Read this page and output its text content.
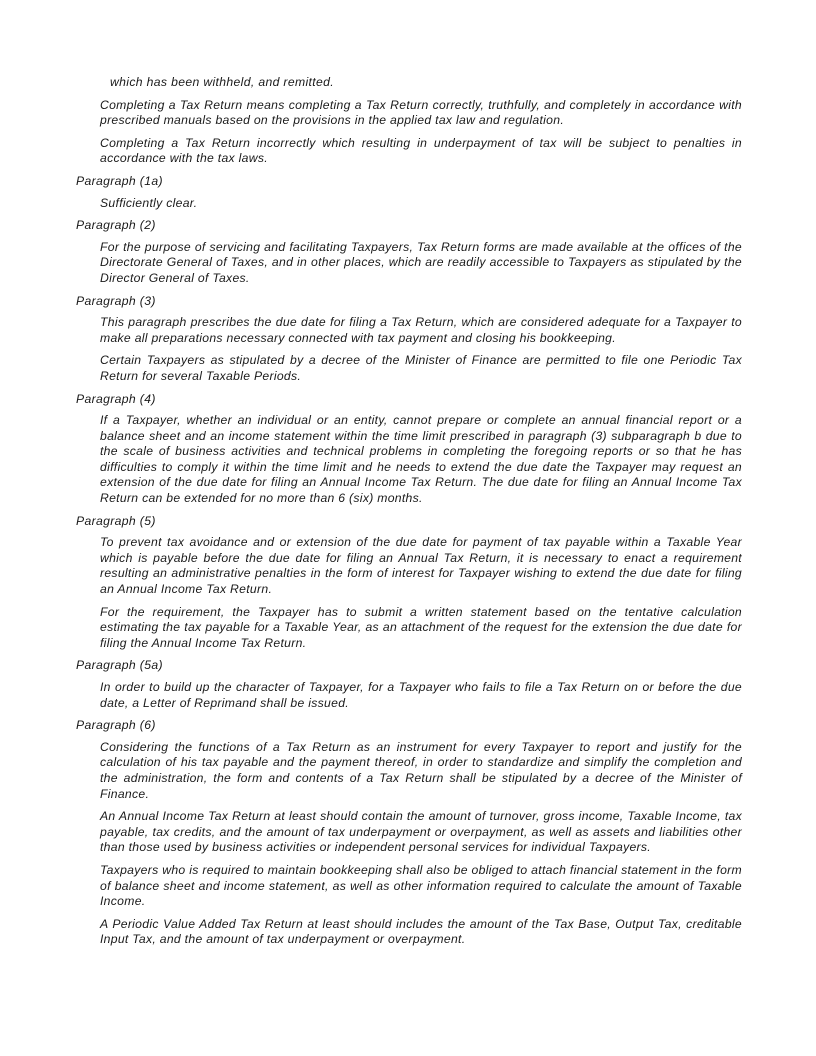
which has been withheld, and remitted.

Completing a Tax Return means completing a Tax Return correctly, truthfully, and completely in accordance with prescribed manuals based on the provisions in the applied tax law and regulation.

Completing a Tax Return incorrectly which resulting in underpayment of tax will be subject to penalties in accordance with the tax laws.

Paragraph (1a)

Sufficiently clear.

Paragraph (2)

For the purpose of servicing and facilitating Taxpayers, Tax Return forms are made available at the offices of the Directorate General of Taxes, and in other places, which are readily accessible to Taxpayers as stipulated by the Director General of Taxes.

Paragraph (3)

This paragraph prescribes the due date for filing a Tax Return, which are considered adequate for a Taxpayer to make all preparations necessary connected with tax payment and closing his bookkeeping.

Certain Taxpayers as stipulated by a decree of the Minister of Finance are permitted to file one Periodic Tax Return for several Taxable Periods.

Paragraph (4)

If a Taxpayer, whether an individual or an entity, cannot prepare or complete an annual financial report or a balance sheet and an income statement within the time limit prescribed in paragraph (3) subparagraph b due to the scale of business activities and technical problems in completing the foregoing reports or so that he has difficulties to comply it within the time limit and he needs to extend the due date the Taxpayer may request an extension of the due date for filing an Annual Income Tax Return. The due date for filing an Annual Income Tax Return can be extended for no more than 6 (six) months.

Paragraph (5)

To prevent tax avoidance and or extension of the due date for payment of tax payable within a Taxable Year which is payable before the due date for filing an Annual Tax Return, it is necessary to enact a requirement resulting an administrative penalties in the form of interest for Taxpayer wishing to extend the due date for filing an Annual Income Tax Return.

For the requirement, the Taxpayer has to submit a written statement based on the tentative calculation estimating the tax payable for a Taxable Year, as an attachment of the request for the extension the due date for filing the Annual Income Tax Return.

Paragraph (5a)

In order to build up the character of Taxpayer, for a Taxpayer who fails to file a Tax Return on or before the due date, a Letter of Reprimand shall be issued.

Paragraph (6)

Considering the functions of a Tax Return as an instrument for every Taxpayer to report and justify for the calculation of his tax payable and the payment thereof, in order to standardize and simplify the completion and the administration, the form and contents of a Tax Return shall be stipulated by a decree of the Minister of Finance.

An Annual Income Tax Return at least should contain the amount of turnover, gross income, Taxable Income, tax payable, tax credits, and the amount of tax underpayment or overpayment, as well as assets and liabilities other than those used by business activities or independent personal services for individual Taxpayers.

Taxpayers who is required to maintain bookkeeping shall also be obliged to attach financial statement in the form of balance sheet and income statement, as well as other information required to calculate the amount of Taxable Income.

A Periodic Value Added Tax Return at least should includes the amount of the Tax Base, Output Tax, creditable Input Tax, and the amount of tax underpayment or overpayment.
